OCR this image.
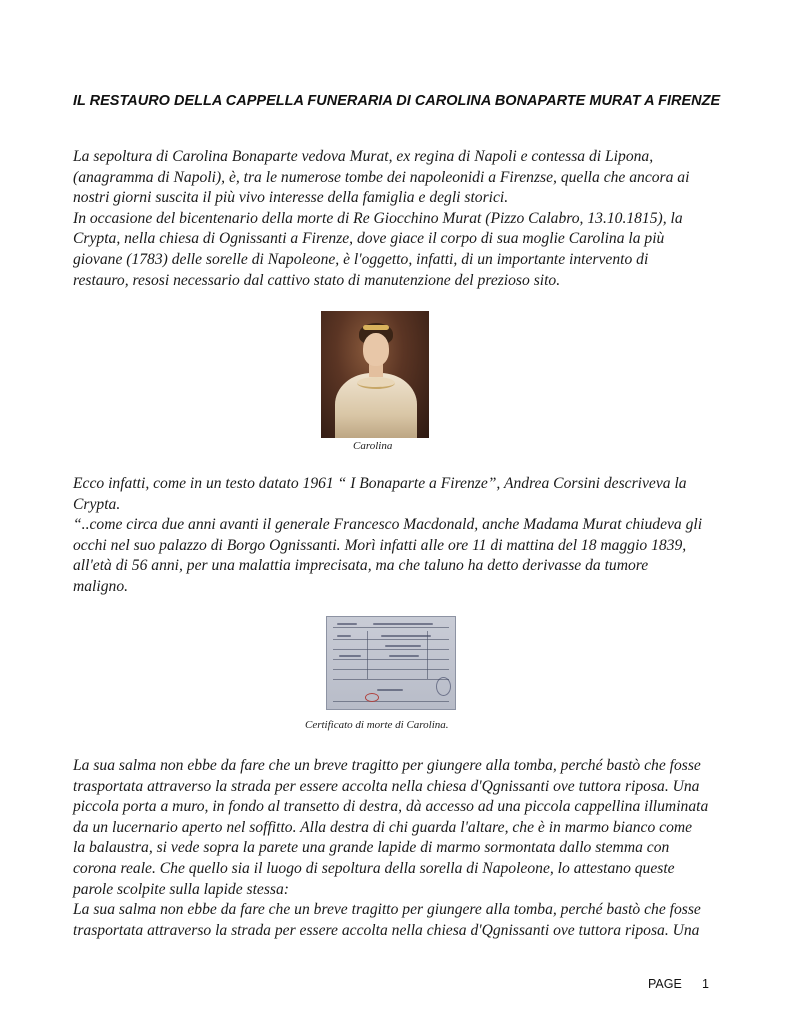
IL RESTAURO DELLA CAPPELLA FUNERARIA DI CAROLINA BONAPARTE MURAT A FIRENZE

La sepoltura di Carolina Bonaparte vedova Murat, ex regina di Napoli e contessa di Lipona,
(anagramma di Napoli), è, tra le numerose tombe dei napoleonidi a Firenzse, quella che ancora ai
nostri giorni suscita il più vivo interesse della famiglia e degli storici.
In occasione del bicentenario della morte di Re Giocchino Murat (Pizzo Calabro, 13.10.1815), la
Crypta, nella chiesa di Ognissanti a Firenze, dove giace il corpo di sua moglie Carolina la più
giovane (1783) delle sorelle di Napoleone, è l'oggetto, infatti, di un importante intervento di
restauro, resosi necessario dal cattivo stato di manutenzione del prezioso sito.

Carolina

Ecco infatti, come in un testo datato 1961 “ I Bonaparte a Firenze”, Andrea Corsini descriveva la
Crypta.
“..come circa due anni avanti il generale Francesco Macdonald, anche Madama Murat chiudeva gli
occhi nel suo palazzo di Borgo Ognissanti. Morì infatti alle ore 11 di mattina del 18 maggio 1839,
all'età di 56 anni, per una malattia imprecisata, ma che taluno ha detto derivasse da tumore
maligno.

Certificato di morte di Carolina.

La sua salma non ebbe da fare che un breve tragitto per giungere alla tomba, perché bastò che fosse
trasportata attraverso la strada per essere accolta nella chiesa d'Qgnissanti ove tuttora riposa. Una
piccola porta a muro, in fondo al transetto di destra, dà accesso ad una piccola cappellina illuminata
da un lucernario aperto nel soffitto. Alla destra di chi guarda l'altare, che è in marmo bianco come
la balaustra, si vede sopra la parete una grande lapide di marmo sormontata dallo stemma con
corona reale. Che quello sia il luogo di sepoltura della sorella di Napoleone, lo attestano queste
parole scolpite sulla lapide stessa:
La sua salma non ebbe da fare che un breve tragitto per giungere alla tomba, perché bastò che fosse
trasportata attraverso la strada per essere accolta nella chiesa d'Qgnissanti ove tuttora riposa. Una

PAGE 1
